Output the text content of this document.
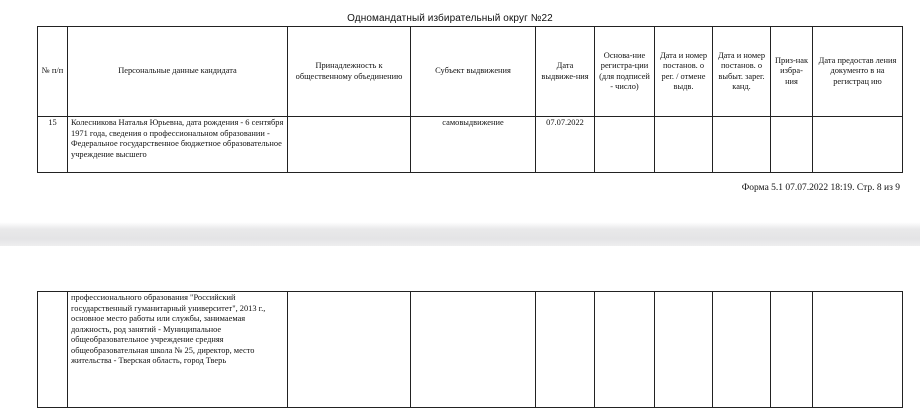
Одномандатный избирательный округ №22
№ п/п	Персональные данные кандидата	Принадлежность к общественному объединению	Субъект выдвижения	Дата выдвиже-ния	Основа-ние регистра-ции (для подписей - число)	Дата и номер постанов. о рег. / отмене выдв.	Дата и номер постанов. о выбыт. зарег. канд.	Приз-нак избра-ния	Дата предостав ления документо в на регистрац ию
15	Колесникова Наталья Юрьевна, дата рождения - 6 сентября 1971 года, сведения о профессиональном образовании - Федеральное государственное бюджетное образовательное учреждение высшего		самовыдвижение	07.07.2022					
Форма 5.1 07.07.2022 18:19. Стр. 8 из 9
	профессионального образования "Российский государственный гуманитарный университет", 2013 г., основное место работы или службы, занимаемая должность, род занятий - Муниципальное общеобразовательное учреждение средняя общеобразовательная школа № 25, директор, место жительства - Тверская область, город Тверь								
